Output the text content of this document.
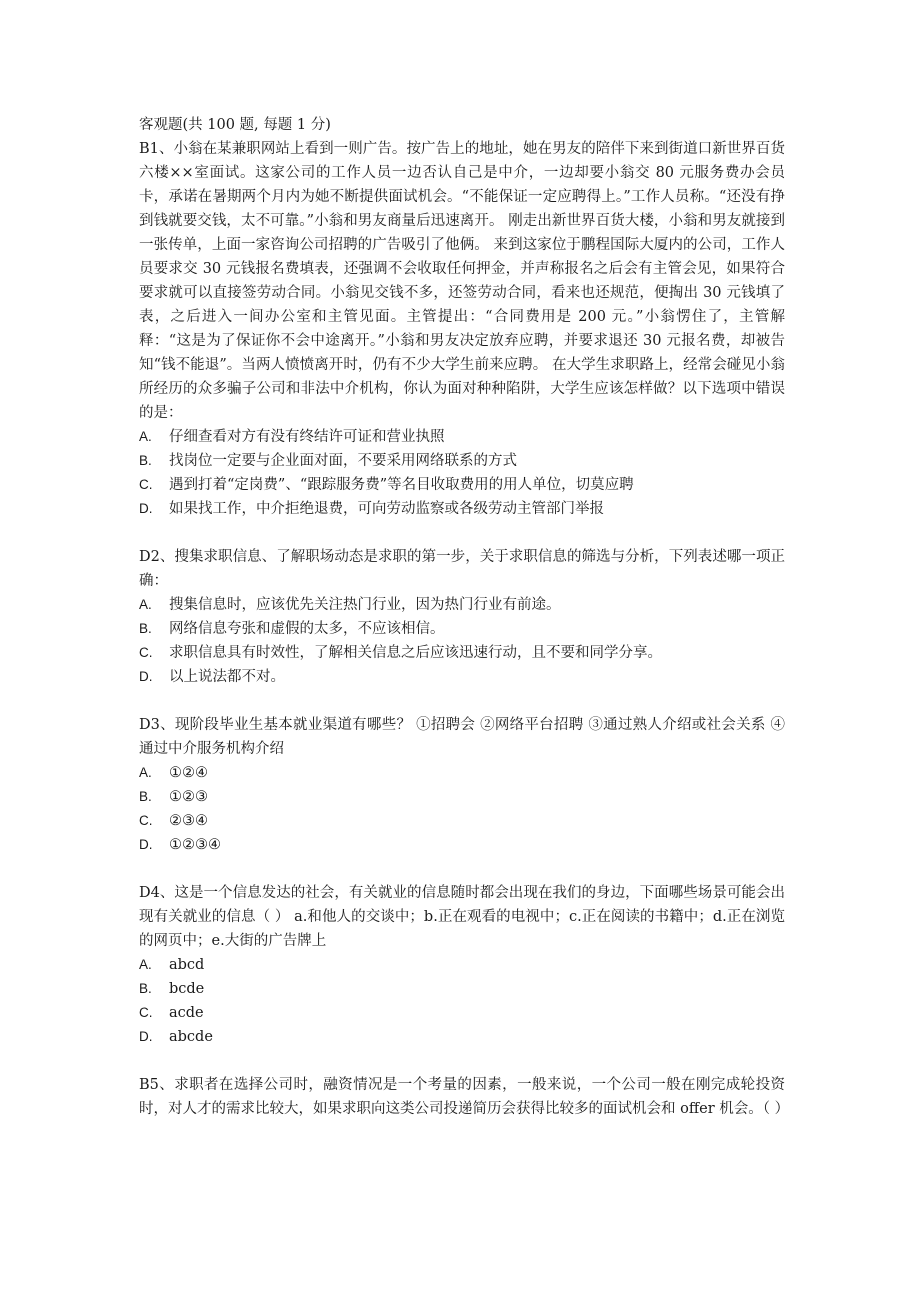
客观题(共 100 题, 每题 1 分)
B1、小翁在某兼职网站上看到一则广告。按广告上的地址，她在男友的陪伴下来到街道口新世界百货六楼××室面试。这家公司的工作人员一边否认自己是中介，一边却要小翁交 80 元服务费办会员卡，承诺在暑期两个月内为她不断提供面试机会。“不能保证一定应聘得上。”工作人员称。“还没有挣到钱就要交钱，太不可靠。”小翁和男友商量后迅速离开。 刚走出新世界百货大楼，小翁和男友就接到一张传单，上面一家咨询公司招聘的广告吸引了他俩。 来到这家位于鹏程国际大厦内的公司，工作人员要求交 30 元钱报名费填表，还强调不会收取任何押金，并声称报名之后会有主管会见，如果符合要求就可以直接签劳动合同。小翁见交钱不多，还签劳动合同，看来也还规范，便掏出 30 元钱填了表，之后进入一间办公室和主管见面。主管提出：“合同费用是 200 元。”小翁愣住了，主管解释：“这是为了保证你不会中途离开。”小翁和男友决定放弃应聘，并要求退还 30 元报名费，却被告知“钱不能退”。当两人愤愤离开时，仍有不少大学生前来应聘。 在大学生求职路上，经常会碰见小翁所经历的众多骗子公司和非法中介机构，你认为面对种种陷阱，大学生应该怎样做？以下选项中错误的是：
A.	仔细查看对方有没有终结许可证和营业执照
B.	找岗位一定要与企业面对面，不要采用网络联系的方式
C.	遇到打着“定岗费”、“跟踪服务费”等名目收取费用的用人单位，切莫应聘
D.	如果找工作，中介拒绝退费，可向劳动监察或各级劳动主管部门举报
D2、搜集求职信息、了解职场动态是求职的第一步，关于求职信息的筛选与分析，下列表述哪一项正确：
A.	搜集信息时，应该优先关注热门行业，因为热门行业有前途。
B.	网络信息夸张和虚假的太多，不应该相信。
C.	求职信息具有时效性，了解相关信息之后应该迅速行动，且不要和同学分享。
D.	以上说法都不对。
D3、现阶段毕业生基本就业渠道有哪些？ ①招聘会 ②网络平台招聘 ③通过熟人介绍或社会关系 ④通过中介服务机构介绍
A.	①②④
B.	①②③
C.	②③④
D.	①②③④
D4、这是一个信息发达的社会，有关就业的信息随时都会出现在我们的身边，下面哪些场景可能会出现有关就业的信息（ ） a.和他人的交谈中；b.正在观看的电视中；c.正在阅读的书籍中；d.正在浏览的网页中；e.大街的广告牌上
A.	abcd
B.	bcde
C.	acde
D.	abcde
B5、求职者在选择公司时，融资情况是一个考量的因素，一般来说，一个公司一般在刚完成轮投资时，对人才的需求比较大，如果求职向这类公司投递简历会获得比较多的面试机会和 offer 机会。（ ）
